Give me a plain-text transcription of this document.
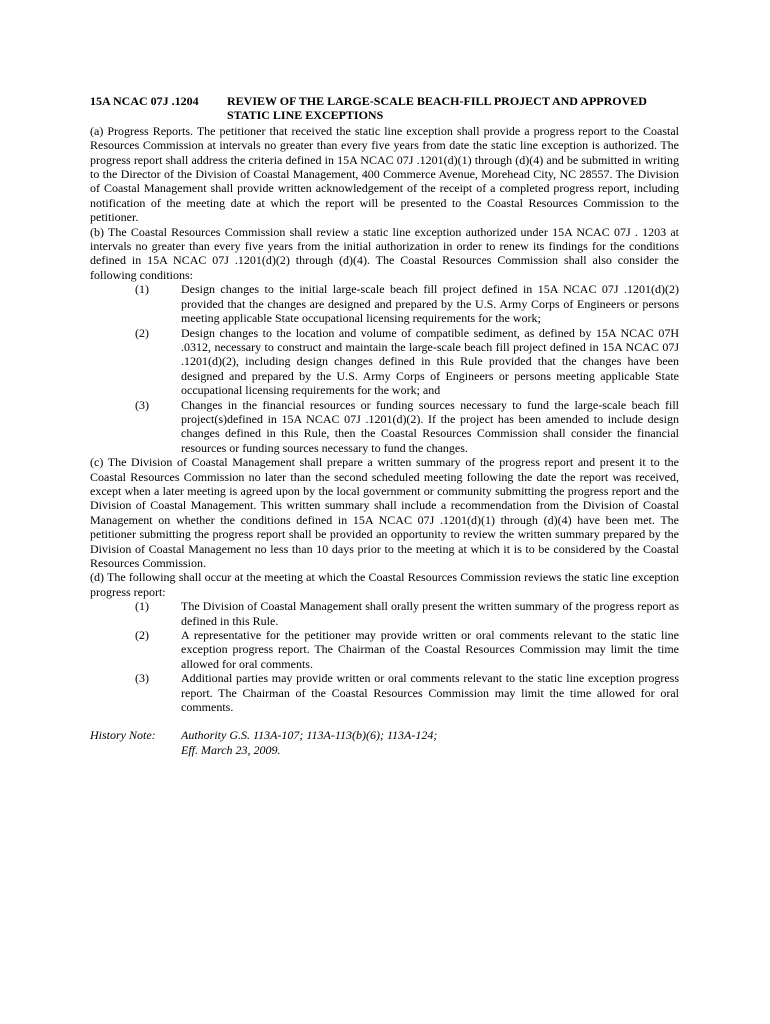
15A NCAC 07J .1204	REVIEW OF THE LARGE-SCALE BEACH-FILL PROJECT AND APPROVED STATIC LINE EXCEPTIONS

(a) Progress Reports. The petitioner that received the static line exception shall provide a progress report to the Coastal Resources Commission at intervals no greater than every five years from date the static line exception is authorized. The progress report shall address the criteria defined in 15A NCAC 07J .1201(d)(1) through (d)(4) and be submitted in writing to the Director of the Division of Coastal Management, 400 Commerce Avenue, Morehead City, NC 28557. The Division of Coastal Management shall provide written acknowledgement of the receipt of a completed progress report, including notification of the meeting date at which the report will be presented to the Coastal Resources Commission to the petitioner.

(b) The Coastal Resources Commission shall review a static line exception authorized under 15A NCAC 07J . 1203 at intervals no greater than every five years from the initial authorization in order to renew its findings for the conditions defined in 15A NCAC 07J .1201(d)(2) through (d)(4). The Coastal Resources Commission shall also consider the following conditions:

(1)	Design changes to the initial large-scale beach fill project defined in 15A NCAC 07J .1201(d)(2) provided that the changes are designed and prepared by the U.S. Army Corps of Engineers or persons meeting applicable State occupational licensing requirements for the work;
(2)	Design changes to the location and volume of compatible sediment, as defined by 15A NCAC 07H .0312, necessary to construct and maintain the large-scale beach fill project defined in 15A NCAC 07J .1201(d)(2), including design changes defined in this Rule provided that the changes have been designed and prepared by the U.S. Army Corps of Engineers or persons meeting applicable State occupational licensing requirements for the work; and
(3)	Changes in the financial resources or funding sources necessary to fund the large-scale beach fill project(s)defined in 15A NCAC 07J .1201(d)(2). If the project has been amended to include design changes defined in this Rule, then the Coastal Resources Commission shall consider the financial resources or funding sources necessary to fund the changes.

(c) The Division of Coastal Management shall prepare a written summary of the progress report and present it to the Coastal Resources Commission no later than the second scheduled meeting following the date the report was received, except when a later meeting is agreed upon by the local government or community submitting the progress report and the Division of Coastal Management. This written summary shall include a recommendation from the Division of Coastal Management on whether the conditions defined in 15A NCAC 07J .1201(d)(1) through (d)(4) have been met. The petitioner submitting the progress report shall be provided an opportunity to review the written summary prepared by the Division of Coastal Management no less than 10 days prior to the meeting at which it is to be considered by the Coastal Resources Commission.

(d) The following shall occur at the meeting at which the Coastal Resources Commission reviews the static line exception progress report:

(1)	The Division of Coastal Management shall orally present the written summary of the progress report as defined in this Rule.
(2)	A representative for the petitioner may provide written or oral comments relevant to the static line exception progress report. The Chairman of the Coastal Resources Commission may limit the time allowed for oral comments.
(3)	Additional parties may provide written or oral comments relevant to the static line exception progress report. The Chairman of the Coastal Resources Commission may limit the time allowed for oral comments.
History Note:	Authority G.S. 113A-107; 113A-113(b)(6); 113A-124;
Eff. March 23, 2009.
